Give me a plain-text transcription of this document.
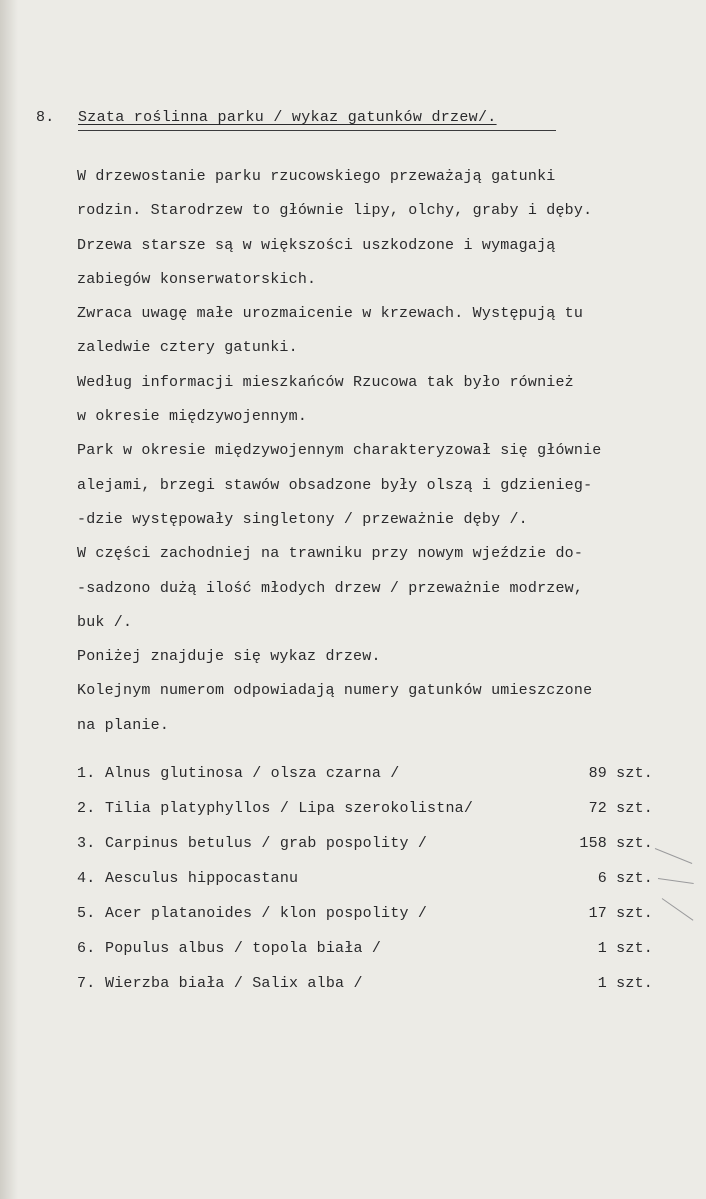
8. Szata roślinna parku / wykaz gatunków drzew/.
W drzewostanie parku rzucowskiego przeważają gatunki
rodzin. Starodrzew to głównie lipy, olchy, graby i dęby.
Drzewa starsze są w większości uszkodzone i wymagają
zabiegów konserwatorskich.
Zwraca uwagę małe urozmaicenie w krzewach. Występują tu
zaledwie cztery gatunki.
Według informacji mieszkańców Rzucowa tak było również
w okresie międzywojennym.
Park w okresie międzywojennym charakteryzował się głównie
alejami, brzegi stawów obsadzone były olszą i gdzienieg-
-dzie występowały singletony / przeważnie dęby /.
W części zachodniej na trawniku przy nowym wjeździe do-
-sadzono dużą ilość młodych drzew / przeważnie modrzew,
buk /.
Poniżej znajduje się wykaz drzew.
Kolejnym numerom odpowiadają numery gatunków umieszczone
na planie.
1. Alnus glutinosa / olsza czarna /	89 szt.
2. Tilia platyphyllos / Lipa szerokolistna/	72 szt.
3. Carpinus betulus / grab pospolity /	158 szt.
4. Aesculus hippocastanu	6 szt.
5. Acer platanoides / klon pospolity /	17 szt.
6. Populus albus / topola biała /	1 szt.
7. Wierzba biała / Salix alba /	1 szt.
